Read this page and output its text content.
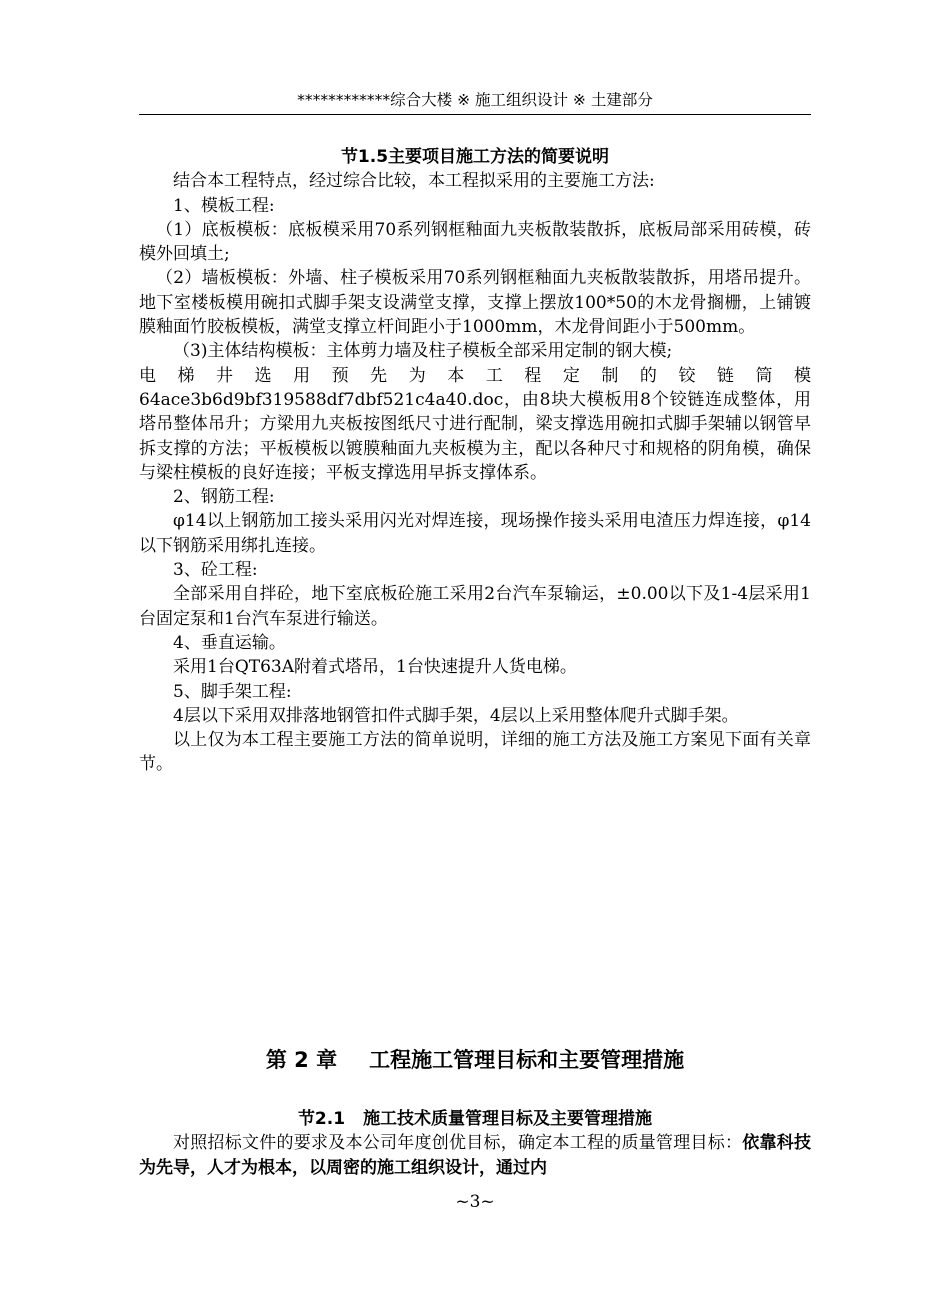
************综合大楼 ※ 施工组织设计 ※ 土建部分

节1.5主要项目施工方法的简要说明

结合本工程特点，经过综合比较，本工程拟采用的主要施工方法:

1、模板工程:

（1）底板模板：底板模采用70系列钢框釉面九夹板散装散拆，底板局部采用砖模，砖模外回填土;

（2）墙板模板：外墙、柱子模板采用70系列钢框釉面九夹板散装散拆，用塔吊提升。地下室楼板模用碗扣式脚手架支设满堂支撑，支撑上摆放100*50的木龙骨搁栅，上铺镀膜釉面竹胶板模板，满堂支撑立杆间距小于1000mm，木龙骨间距小于500mm。

（3)主体结构模板：主体剪力墙及柱子模板全部采用定制的钢大模;

电 梯 井 选 用 预 先 为 本 工 程 定 制 的 铰 链 筒 模

64ace3b6d9bf319588df7dbf521c4a40.doc，由8块大模板用8个铰链连成整体，用塔吊整体吊升；方梁用九夹板按图纸尺寸进行配制，梁支撑选用碗扣式脚手架辅以钢管早拆支撑的方法；平板模板以镀膜釉面九夹板模为主，配以各种尺寸和规格的阴角模，确保与梁柱模板的良好连接；平板支撑选用早拆支撑体系。

2、钢筋工程:

φ14以上钢筋加工接头采用闪光对焊连接，现场操作接头采用电渣压力焊连接，φ14以下钢筋采用绑扎连接。

3、砼工程:

全部采用自拌砼，地下室底板砼施工采用2台汽车泵输运，±0.00以下及1-4层采用1台固定泵和1台汽车泵进行输送。

4、垂直运输。

采用1台QT63A附着式塔吊，1台快速提升人货电梯。

5、脚手架工程:

4层以下采用双排落地钢管扣件式脚手架，4层以上采用整体爬升式脚手架。

以上仅为本工程主要施工方法的简单说明，详细的施工方法及施工方案见下面有关章节。

第 2 章 工程施工管理目标和主要管理措施

节2.1 施工技术质量管理目标及主要管理措施

对照招标文件的要求及本公司年度创优目标，确定本工程的质量管理目标：依靠科技为先导，人才为根本，以周密的施工组织设计，通过内

~3~
